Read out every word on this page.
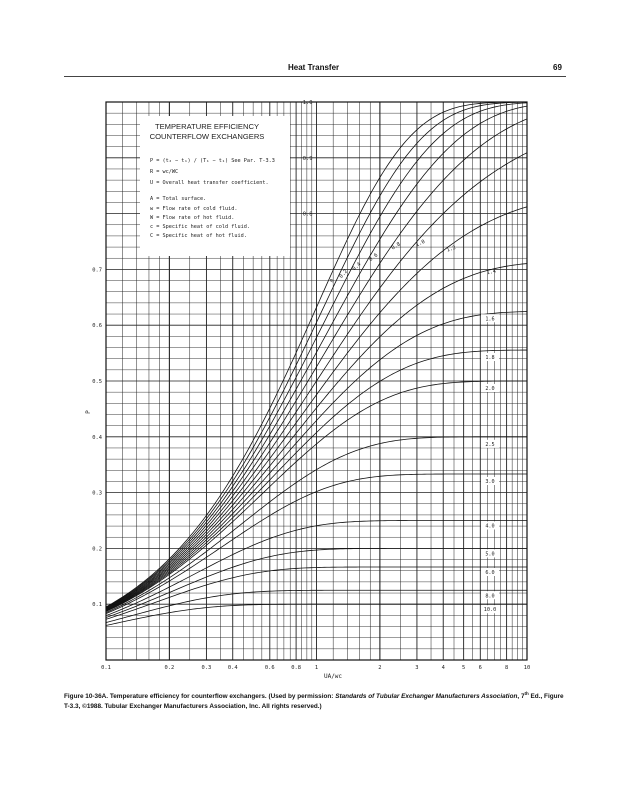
Heat Transfer	69
0.1	0.2	0.3	0.4	0.6	0.8	1	2	3	4	5 6	8	10
0.1
0.2
0.3
0.4
0.5
0.6
0.7
0.8
0.9
1.0
0
0.2
0.4
0.6
0.8	1.0
1.2
1.4
1.6
1.8
2.0
2.5
3.0
4.0
5.0
6.0
8.0
10.0
TEMPERATURE EFFICIENCY
COUNTERFLOW EXCHANGERS
P = (t₂ − t₁) / (T₁ − t₁) See Par. T-3.3
R = wc/WC
U = Overall heat transfer coefficient.
A = Total surface.
w = Flow rate of cold fluid.
W = Flow rate of hot fluid.
c = Specific heat of cold fluid.
C = Specific heat of hot fluid.
UA/wc
P
Figure 10-36A. Temperature efficiency for counterflow exchangers. (Used by permission: Standards of Tubular Exchanger Manufacturers Association, 7th Ed., Figure T-3.3, ©1988. Tubular Exchanger Manufacturers Association, Inc. All rights reserved.)
